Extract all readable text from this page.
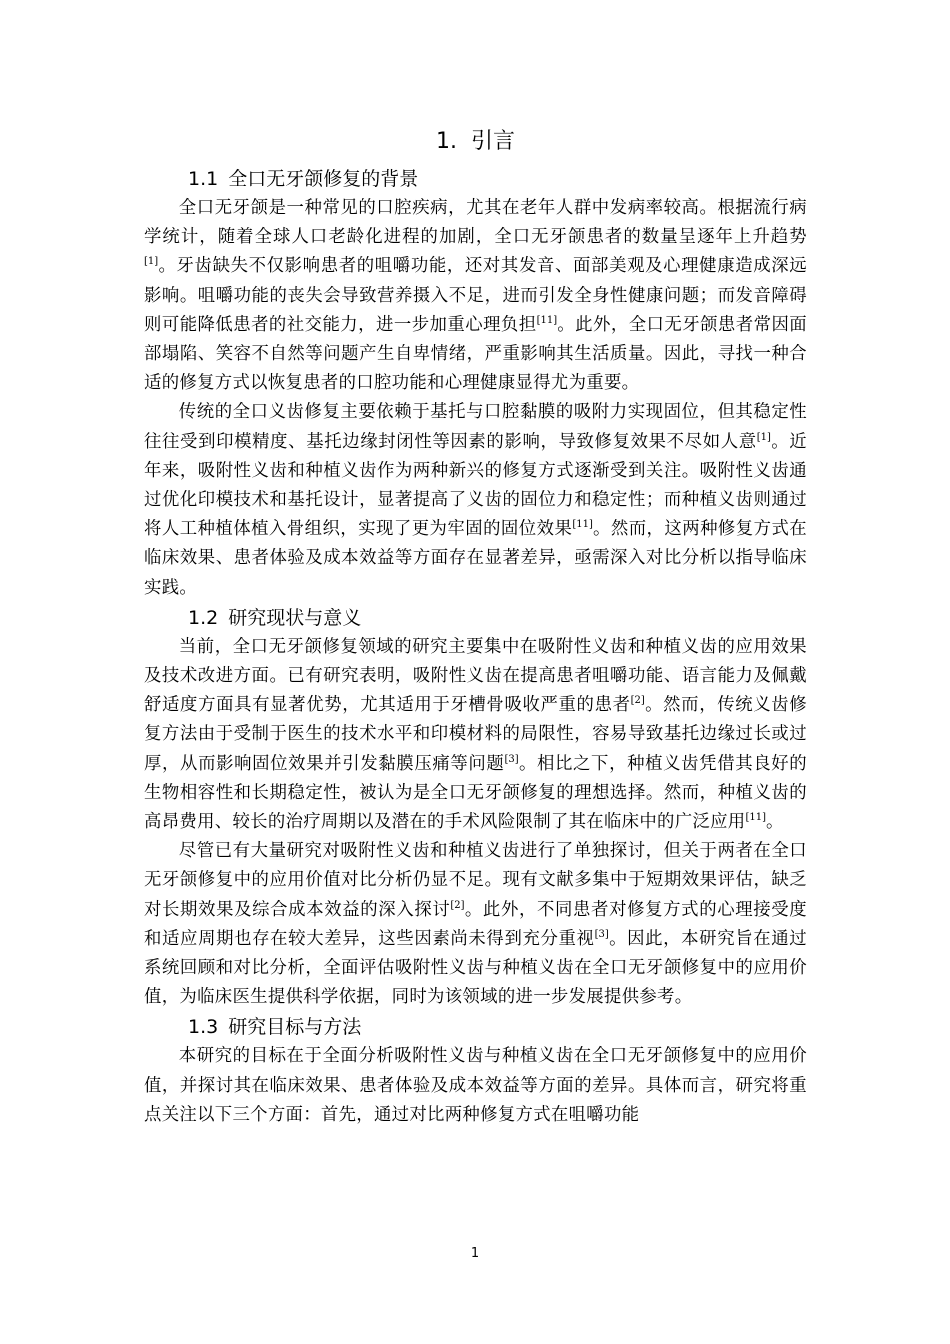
1. 引言
1.1 全口无牙颌修复的背景

全口无牙颌是一种常见的口腔疾病，尤其在老年人群中发病率较高。根据流行病学统计，随着全球人口老龄化进程的加剧，全口无牙颌患者的数量呈逐年上升趋势[1]。牙齿缺失不仅影响患者的咀嚼功能，还对其发音、面部美观及心理健康造成深远影响。咀嚼功能的丧失会导致营养摄入不足，进而引发全身性健康问题；而发音障碍则可能降低患者的社交能力，进一步加重心理负担[11]。此外，全口无牙颌患者常因面部塌陷、笑容不自然等问题产生自卑情绪，严重影响其生活质量。因此，寻找一种合适的修复方式以恢复患者的口腔功能和心理健康显得尤为重要。

传统的全口义齿修复主要依赖于基托与口腔黏膜的吸附力实现固位，但其稳定性往往受到印模精度、基托边缘封闭性等因素的影响，导致修复效果不尽如人意[1]。近年来，吸附性义齿和种植义齿作为两种新兴的修复方式逐渐受到关注。吸附性义齿通过优化印模技术和基托设计，显著提高了义齿的固位力和稳定性；而种植义齿则通过将人工种植体植入骨组织，实现了更为牢固的固位效果[11]。然而，这两种修复方式在临床效果、患者体验及成本效益等方面存在显著差异，亟需深入对比分析以指导临床实践。

1.2 研究现状与意义

当前，全口无牙颌修复领域的研究主要集中在吸附性义齿和种植义齿的应用效果及技术改进方面。已有研究表明，吸附性义齿在提高患者咀嚼功能、语言能力及佩戴舒适度方面具有显著优势，尤其适用于牙槽骨吸收严重的患者[2]。然而，传统义齿修复方法由于受制于医生的技术水平和印模材料的局限性，容易导致基托边缘过长或过厚，从而影响固位效果并引发黏膜压痛等问题[3]。相比之下，种植义齿凭借其良好的生物相容性和长期稳定性，被认为是全口无牙颌修复的理想选择。然而，种植义齿的高昂费用、较长的治疗周期以及潜在的手术风险限制了其在临床中的广泛应用[11]。

尽管已有大量研究对吸附性义齿和种植义齿进行了单独探讨，但关于两者在全口无牙颌修复中的应用价值对比分析仍显不足。现有文献多集中于短期效果评估，缺乏对长期效果及综合成本效益的深入探讨[2]。此外，不同患者对修复方式的心理接受度和适应周期也存在较大差异，这些因素尚未得到充分重视[3]。因此，本研究旨在通过系统回顾和对比分析，全面评估吸附性义齿与种植义齿在全口无牙颌修复中的应用价值，为临床医生提供科学依据，同时为该领域的进一步发展提供参考。

1.3 研究目标与方法

本研究的目标在于全面分析吸附性义齿与种植义齿在全口无牙颌修复中的应用价值，并探讨其在临床效果、患者体验及成本效益等方面的差异。具体而言，研究将重点关注以下三个方面：首先，通过对比两种修复方式在咀嚼功能

1
